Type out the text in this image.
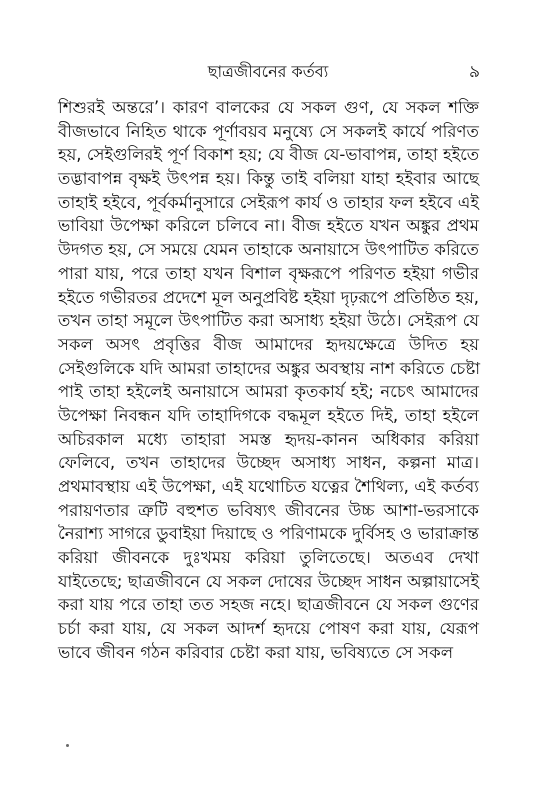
ছাত্রজীবনের কর্তব্য	৯
শিশুরই অন্তরে’। কারণ বালকের যে সকল গুণ, যে সকল শক্তি
বীজভাবে নিহিত থাকে পূর্ণাবয়ব মনুষ্যে সে সকলই কার্যে পরিণত
হয়, সেইগুলিরই পূর্ণ বিকাশ হয়; যে বীজ যে-ভাবাপন্ন, তাহা হইতে
তদ্ভাবাপন্ন বৃক্ষই উৎপন্ন হয়। কিন্তু তাই বলিয়া যাহা হইবার আছে
তাহাই হইবে, পূর্বকর্মানুসারে সেইরূপ কার্য ও তাহার ফল হইবে এই
ভাবিয়া উপেক্ষা করিলে চলিবে না। বীজ হইতে যখন অঙ্কুর প্রথম
উদগত হয়, সে সময়ে যেমন তাহাকে অনায়াসে উৎপাটিত করিতে
পারা যায়, পরে তাহা যখন বিশাল বৃক্ষরূপে পরিণত হইয়া গভীর
হইতে গভীরতর প্রদেশে মূল অনুপ্রবিষ্ট হইয়া দৃঢ়রূপে প্রতিষ্ঠিত হয়,
তখন তাহা সমূলে উৎপাটিত করা অসাধ্য হইয়া উঠে। সেইরূপ যে
সকল অসৎ প্রবৃত্তির বীজ আমাদের হৃদয়ক্ষেত্রে উদিত হয়
সেইগুলিকে যদি আমরা তাহাদের অঙ্কুর অবস্থায় নাশ করিতে চেষ্টা
পাই তাহা হইলেই অনায়াসে আমরা কৃতকার্য হই; নচেৎ আমাদের
উপেক্ষা নিবন্ধন যদি তাহাদিগকে বদ্ধমূল হইতে দিই, তাহা হইলে
অচিরকাল মধ্যে তাহারা সমস্ত হৃদয়-কানন অধিকার করিয়া
ফেলিবে, তখন তাহাদের উচ্ছেদ অসাধ্য সাধন, কল্পনা মাত্র।
প্রথমাবস্থায় এই উপেক্ষা, এই যথোচিত যত্নের শৈথিল্য, এই কর্তব্য
পরায়ণতার ত্রুটি বহুশত ভবিষ্যৎ জীবনের উচ্চ আশা-ভরসাকে
নৈরাশ্য সাগরে ডুবাইয়া দিয়াছে ও পরিণামকে দুর্বিসহ ও ভারাক্রান্ত
করিয়া জীবনকে দুঃখময় করিয়া তুলিতেছে। অতএব দেখা
যাইতেছে; ছাত্রজীবনে যে সকল দোষের উচ্ছেদ সাধন অল্পায়াসেই
করা যায় পরে তাহা তত সহজ নহে। ছাত্রজীবনে যে সকল গুণের
চর্চা করা যায়, যে সকল আদর্শ হৃদয়ে পোষণ করা যায়, যেরূপ
ভাবে জীবন গঠন করিবার চেষ্টা করা যায়, ভবিষ্যতে সে সকল
